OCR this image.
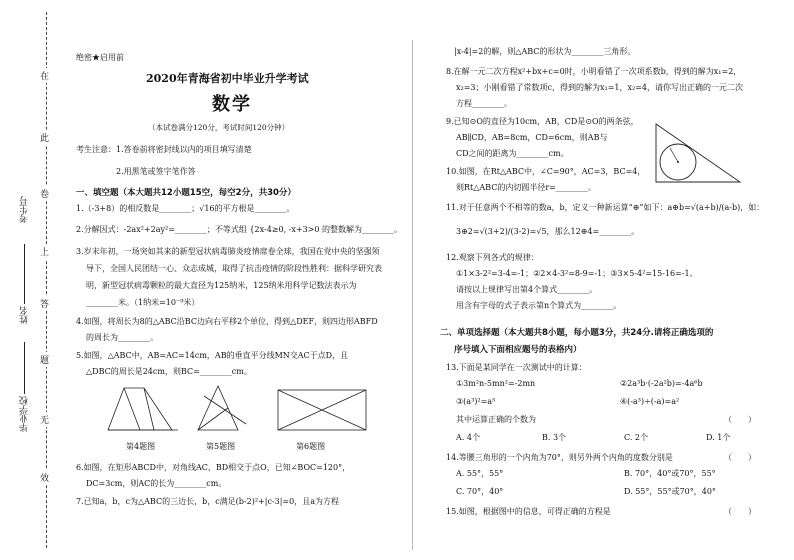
在
此
卷
上
答
题
无
效
考生号
姓名
毕业学校
绝密★启用前
2020年青海省初中毕业升学考试
数学
（本试卷满分120分，考试时间120分钟）
考生注意：1.答卷前将密封线以内的项目填写清楚
2.用黑笔或签字笔作答
一、填空题（本大题共12小题15空，每空2分，共30分）
1.（-3+8）的相反数是________；√16的平方根是________。
2.分解因式：-2ax²+2ay²=________；不等式组 {2x-4≥0, -x+3>0 的整数解为________。
3.岁末年初，一场突如其来的新型冠状病毒肺炎疫情席卷全球，我国在党中央的坚强领
导下，全国人民团结一心、众志成城，取得了抗击疫情的阶段性胜利：据科学研究表
明，新型冠状病毒颗粒的最大直径为125纳米，125纳米用科学记数法表示为
________米。（1纳米=10⁻⁹米）
4.如图，将周长为8的△ABC沿BC边向右平移2个单位，得到△DEF，则四边形ABFD
的周长为________。
5.如图，△ABC中，AB=AC=14cm，AB的垂直平分线MN交AC于点D，且
△DBC的周长是24cm，则BC=________cm。
第4题图	第5题图	第6题图
6.如图，在矩形ABCD中，对角线AC，BD相交于点O，已知∠BOC=120°，
DC=3cm，则AC的长为________cm。
7.已知a，b，c为△ABC的三边长，b，c满足(b-2)²+|c-3|=0，且a为方程
|x-4|=2的解，则△ABC的形状为________三角形。
8.在解一元二次方程x²+bx+c=0时，小明看错了一次项系数b，得到的解为x₁=2，
x₂=3；小刚看错了常数项c，得到的解为x₁=1，x₂=4，请你写出正确的一元二次
方程________。
9.已知⊙O的直径为10cm，AB，CD是⊙O的两条弦，
AB∥CD，AB=8cm，CD=6cm，则AB与
CD之间的距离为________cm。
10.如图，在Rt△ABC中，∠C=90°，AC=3，BC=4，
则Rt△ABC的内切圆半径r=________。
11.对于任意两个不相等的数a，b，定义一种新运算“⊕”如下：a⊕b=√(a+b)/(a-b)，如：
3⊕2=√(3+2)/(3-2)=√5，那么12⊕4=________。
12.观察下列各式的规律：
①1×3-2²=3-4=-1；②2×4-3²=8-9=-1；③3×5-4²=15-16=-1。
请按以上规律写出第4个算式________。
用含有字母的式子表示第n个算式为________。
二、单项选择题（本大题共8小题，每小题3分，共24分.请将正确选项的
序号填入下面相应题号的表格内）
13.下面是某同学在一次测试中的计算：
①3m²n-5mn²=-2mn	②2a³b·(-2a²b)=-4a⁶b
③(a³)²=a⁵	④(-a³)÷(-a)=a²
其中运算正确的个数为	（　　）
A. 4个	B. 3个	C. 2个	D. 1个
14.等腰三角形的一个内角为70°，则另外两个内角的度数分别是	（　　）
A. 55°，55°	B. 70°，40°或70°，55°
C. 70°，40°	D. 55°，55°或70°，40°
15.如图，根据图中的信息，可得正确的方程是	（　　）
